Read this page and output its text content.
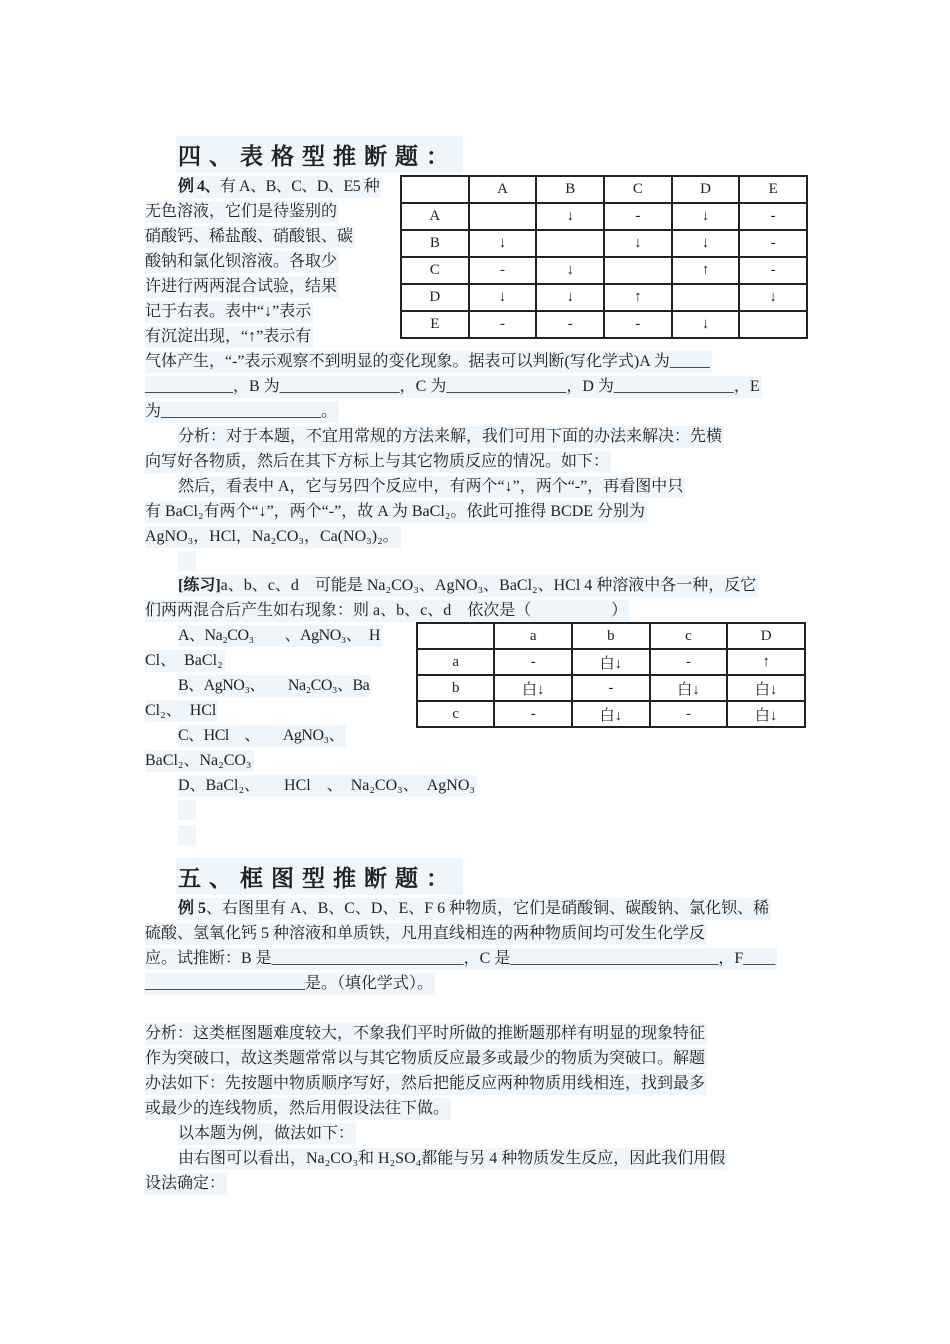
四、表格型推断题：
例 4、有 A、B、C、D、E5 种
无色溶液，它们是待鉴别的
硝酸钙、稀盐酸、硝酸银、碳
酸钠和氯化钡溶液。各取少
许进行两两混合试验，结果
记于右表。表中“↓”表示
有沉淀出现，“↑”表示有
气体产生，“-”表示观察不到明显的变化现象。据表可以判断(写化学式)A 为_____
___________，B 为_______________，C 为_______________，D 为_______________，E
为____________________。
	A	B	C	D	E
A		↓	-	↓	-
B	↓		↓	↓	-
C	-	↓		↑	-
D	↓	↓	↑		↓
E	-	-	-	↓	
分析：对于本题，不宜用常规的方法来解，我们可用下面的办法来解决：先横
向写好各物质，然后在其下方标上与其它物质反应的情况。如下：
然后，看表中 A，它与另四个反应中，有两个“↓”，两个“-”，再看图中只
有 BaCl₂有两个“↓”，两个“-”，故 A 为 BaCl₂。依此可推得 BCDE 分别为
AgNO₃，HCl，Na₂CO₃，Ca(NO₃)₂。
[练习]a、b、c、d　可能是 Na₂CO₃、AgNO₃、BaCl₂、HCl 4 种溶液中各一种，反它
们两两混合后产生如右现象：则 a、b、c、d　依次是（　　　　　）
A、Na₂CO₃　　、AgNO₃、　H
Cl、　BaCl₂
B、AgNO₃、　　Na₂CO₃、Ba
Cl₂、　HCl
C、HCl　、　　AgNO₃、
BaCl₂、Na₂CO₃
D、BaCl₂、　　HCl　、　Na₂CO₃、　AgNO₃
	a	b	c	D
a	-	白↓	-	↑
b	白↓	-	白↓	白↓
c	-	白↓	-	白↓
五、框图型推断题：
例 5、右图里有 A、B、C、D、E、F 6 种物质，它们是硝酸铜、碳酸钠、氯化钡、稀
硫酸、氢氧化钙 5 种溶液和单质铁，凡用直线相连的两种物质间均可发生化学反
应。试推断：B 是________________________，C 是__________________________，F____
____________________是。（填化学式）。
分析：这类框图题难度较大，不象我们平时所做的推断题那样有明显的现象特征
作为突破口，故这类题常常以与其它物质反应最多或最少的物质为突破口。解题
办法如下：先按题中物质顺序写好，然后把能反应两种物质用线相连，找到最多
或最少的连线物质，然后用假设法往下做。
以本题为例，做法如下：
由右图可以看出，Na₂CO₃和 H₂SO₄都能与另 4 种物质发生反应，因此我们用假
设法确定：
